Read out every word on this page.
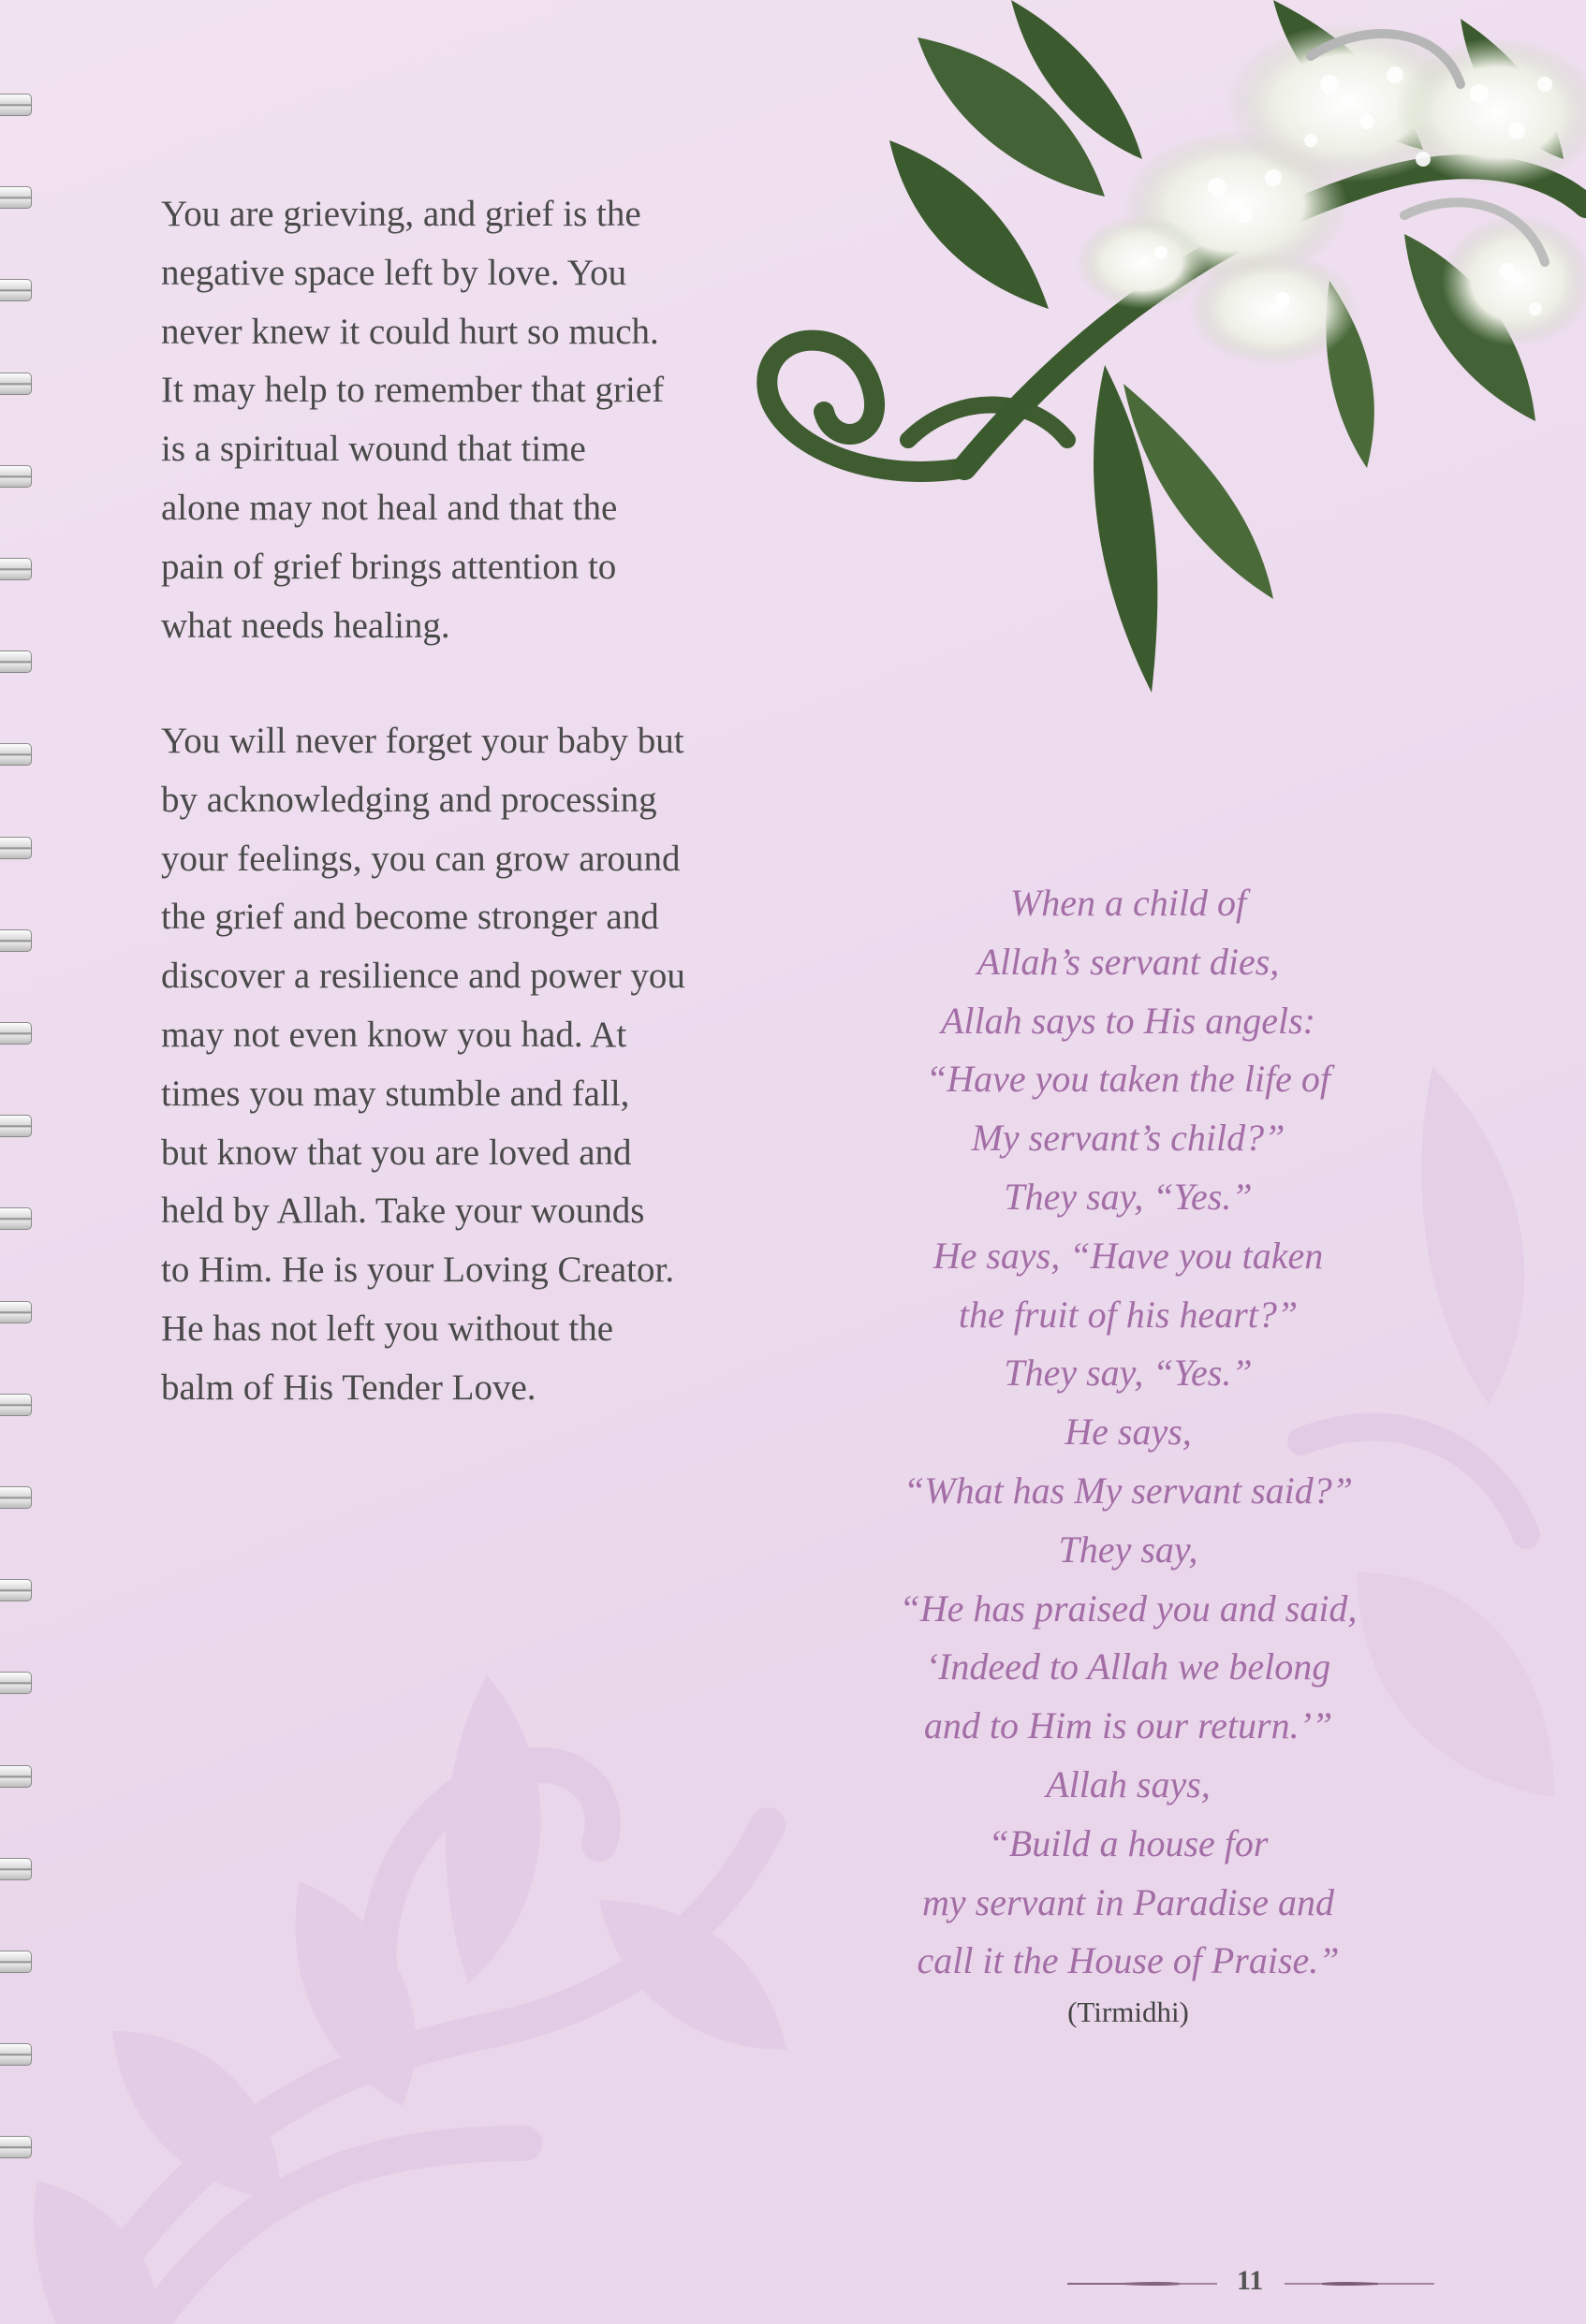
You are grieving, and grief is the
negative space left by love. You
never knew it could hurt so much.
It may help to remember that grief
is a spiritual wound that time
alone may not heal and that the
pain of grief brings attention to
what needs healing.

You will never forget your baby but
by acknowledging and processing
your feelings, you can grow around
the grief and become stronger and
discover a resilience and power you
may not even know you had. At
times you may stumble and fall,
but know that you are loved and
held by Allah. Take your wounds
to Him. He is your Loving Creator.
He has not left you without the
balm of His Tender Love.

When a child of
Allah’s servant dies,
Allah says to His angels:
“Have you taken the life of
My servant’s child?”
They say, “Yes.”
He says, “Have you taken
the fruit of his heart?”
They say, “Yes.”
He says,
“What has My servant said?”
They say,
“He has praised you and said,
‘Indeed to Allah we belong
and to Him is our return.’”
Allah says,
“Build a house for
my servant in Paradise and
call it the House of Praise.”
(Tirmidhi)
11
